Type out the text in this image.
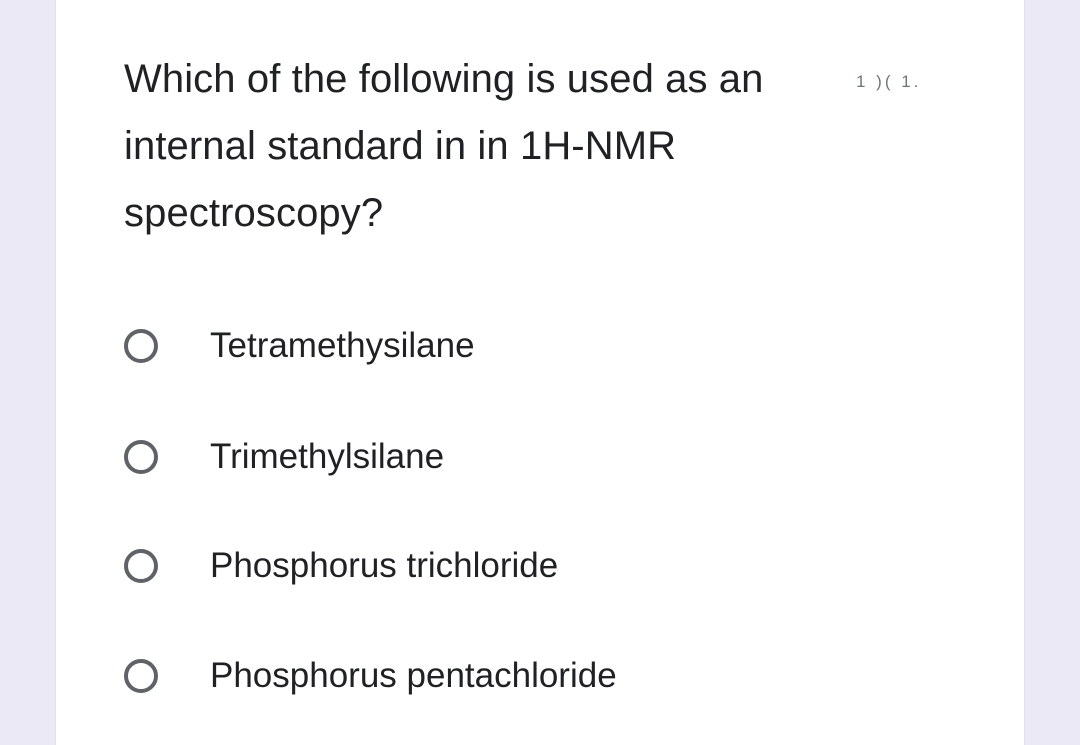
Which of the following is used as an internal standard in in 1H-NMR spectroscopy?
1 )( 1.
Tetramethysilane
Trimethylsilane
Phosphorus trichloride
Phosphorus pentachloride
